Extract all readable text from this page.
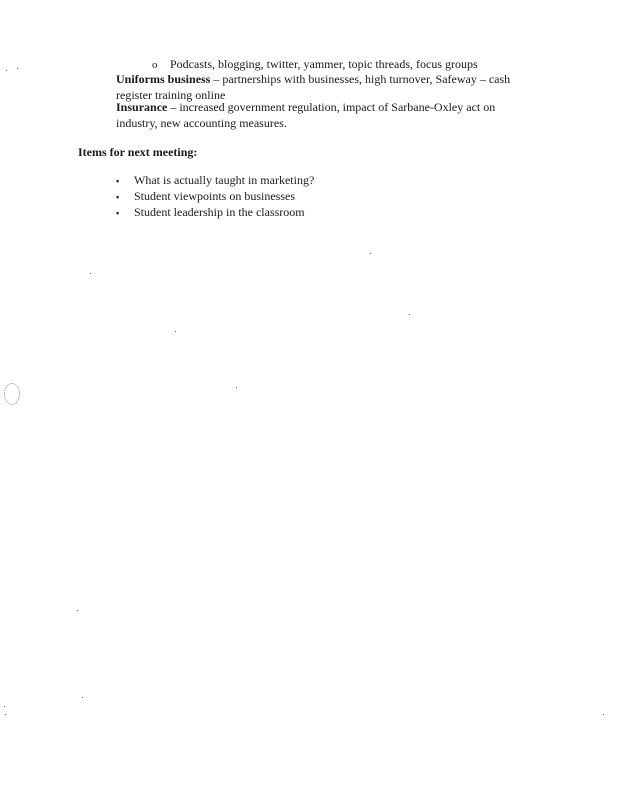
o Podcasts, blogging, twitter, yammer, topic threads, focus groups
Uniforms business – partnerships with businesses, high turnover, Safeway – cash register training online
Insurance – increased government regulation, impact of Sarbane-Oxley act on industry, new accounting measures.
Items for next meeting:
▪ What is actually taught in marketing?
▪ Student viewpoints on businesses
▪ Student leadership in the classroom
